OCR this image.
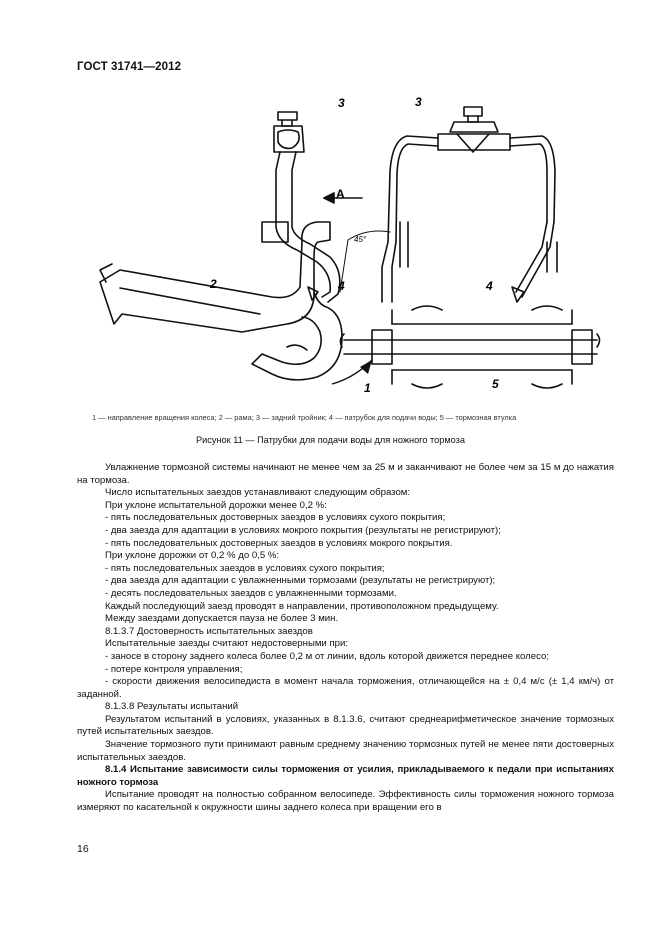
ГОСТ 31741—2012
3	3
А
45°
2	4	4
5
1
1 — направление вращения колеса; 2 — рама; 3 — задний тройник; 4 — патрубок для подачи воды; 5 — тормозная втулка
Рисунок 11 — Патрубки для подачи воды для ножного тормоза

Увлажнение тормозной системы начинают не менее чем за 25 м и заканчивают не более чем за 15 м до нажатия на тормоза.

Число испытательных заездов устанавливают следующим образом:

При уклоне испытательной дорожки менее 0,2 %:

- пять последовательных достоверных заездов в условиях сухого покрытия;

- два заезда для адаптации в условиях мокрого покрытия (результаты не регистрируют);

- пять последовательных достоверных заездов в условиях мокрого покрытия.

При уклоне дорожки от 0,2 % до 0,5 %:

- пять последовательных заездов в условиях сухого покрытия;

- два заезда для адаптации с увлажненными тормозами (результаты не регистрируют);

- десять последовательных заездов с увлажненными тормозами.

Каждый последующий заезд проводят в направлении, противоположном предыдущему.

Между заездами допускается пауза не более 3 мин.

8.1.3.7 Достоверность испытательных заездов

Испытательные заезды считают недостоверными при:

- заносе в сторону заднего колеса более 0,2 м от линии, вдоль которой движется переднее колесо;

- потере контроля управления;

- скорости движения велосипедиста в момент начала торможения, отличающейся на ± 0,4 м/с (± 1,4 км/ч) от заданной.

8.1.3.8 Результаты испытаний

Результатом испытаний в условиях, указанных в 8.1.3.6, считают среднеарифметическое значение тормозных путей испытательных заездов.

Значение тормозного пути принимают равным среднему значению тормозных путей не менее пяти достоверных испытательных заездов.

8.1.4 Испытание зависимости силы торможения от усилия, прикладываемого к педали при испытаниях ножного тормоза

Испытание проводят на полностью собранном велосипеде. Эффективность силы торможения ножного тормоза измеряют по касательной к окружности шины заднего колеса при вращении его в

16
